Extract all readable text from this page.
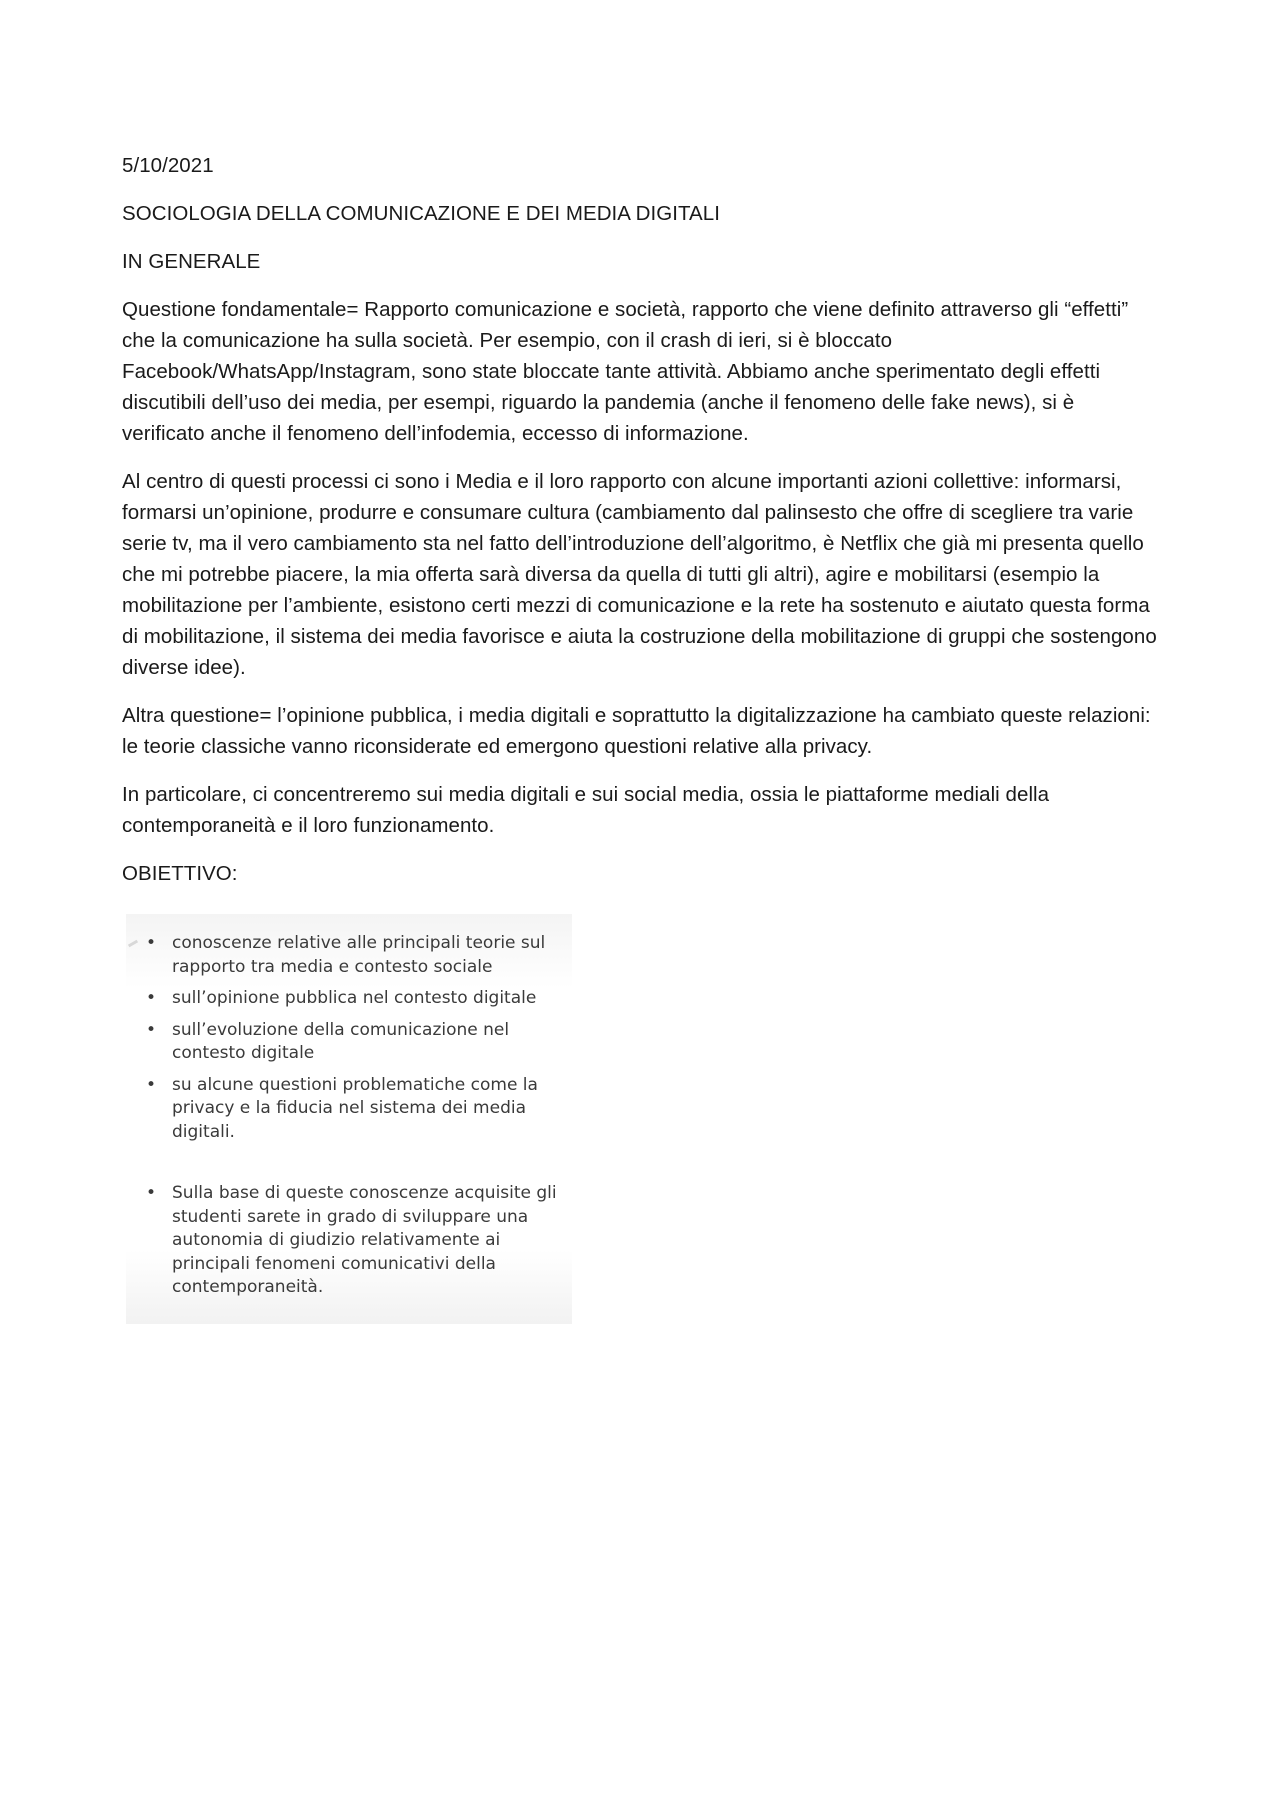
5/10/2021

SOCIOLOGIA DELLA COMUNICAZIONE E DEI MEDIA DIGITALI

IN GENERALE

Questione fondamentale= Rapporto comunicazione e società, rapporto che viene definito attraverso gli “effetti” che la comunicazione ha sulla società. Per esempio, con il crash di ieri, si è bloccato Facebook/WhatsApp/Instagram, sono state bloccate tante attività. Abbiamo anche sperimentato degli effetti discutibili dell’uso dei media, per esempi, riguardo la pandemia (anche il fenomeno delle fake news), si è verificato anche il fenomeno dell’infodemia, eccesso di informazione.

Al centro di questi processi ci sono i Media e il loro rapporto con alcune importanti azioni collettive: informarsi, formarsi un’opinione, produrre e consumare cultura (cambiamento dal palinsesto che offre di scegliere tra varie serie tv, ma il vero cambiamento sta nel fatto dell’introduzione dell’algoritmo, è Netflix che già mi presenta quello che mi potrebbe piacere, la mia offerta sarà diversa da quella di tutti gli altri), agire e mobilitarsi (esempio la mobilitazione per l’ambiente, esistono certi mezzi di comunicazione e la rete ha sostenuto e aiutato questa forma di mobilitazione, il sistema dei media favorisce e aiuta la costruzione della mobilitazione di gruppi che sostengono diverse idee).

Altra questione= l’opinione pubblica, i media digitali e soprattutto la digitalizzazione ha cambiato queste relazioni: le teorie classiche vanno riconsiderate ed emergono questioni relative alla privacy.

In particolare, ci concentreremo sui media digitali e sui social media, ossia le piattaforme mediali della contemporaneità e il loro funzionamento.

OBIETTIVO:

• conoscenze relative alle principali teorie sul rapporto tra media e contesto sociale
• sull’opinione pubblica nel contesto digitale
• sull’evoluzione della comunicazione nel contesto digitale
• su alcune questioni problematiche come la privacy e la fiducia nel sistema dei media digitali.
• Sulla base di queste conoscenze acquisite gli studenti sarete in grado di sviluppare una autonomia di giudizio relativamente ai principali fenomeni comunicativi della contemporaneità.
